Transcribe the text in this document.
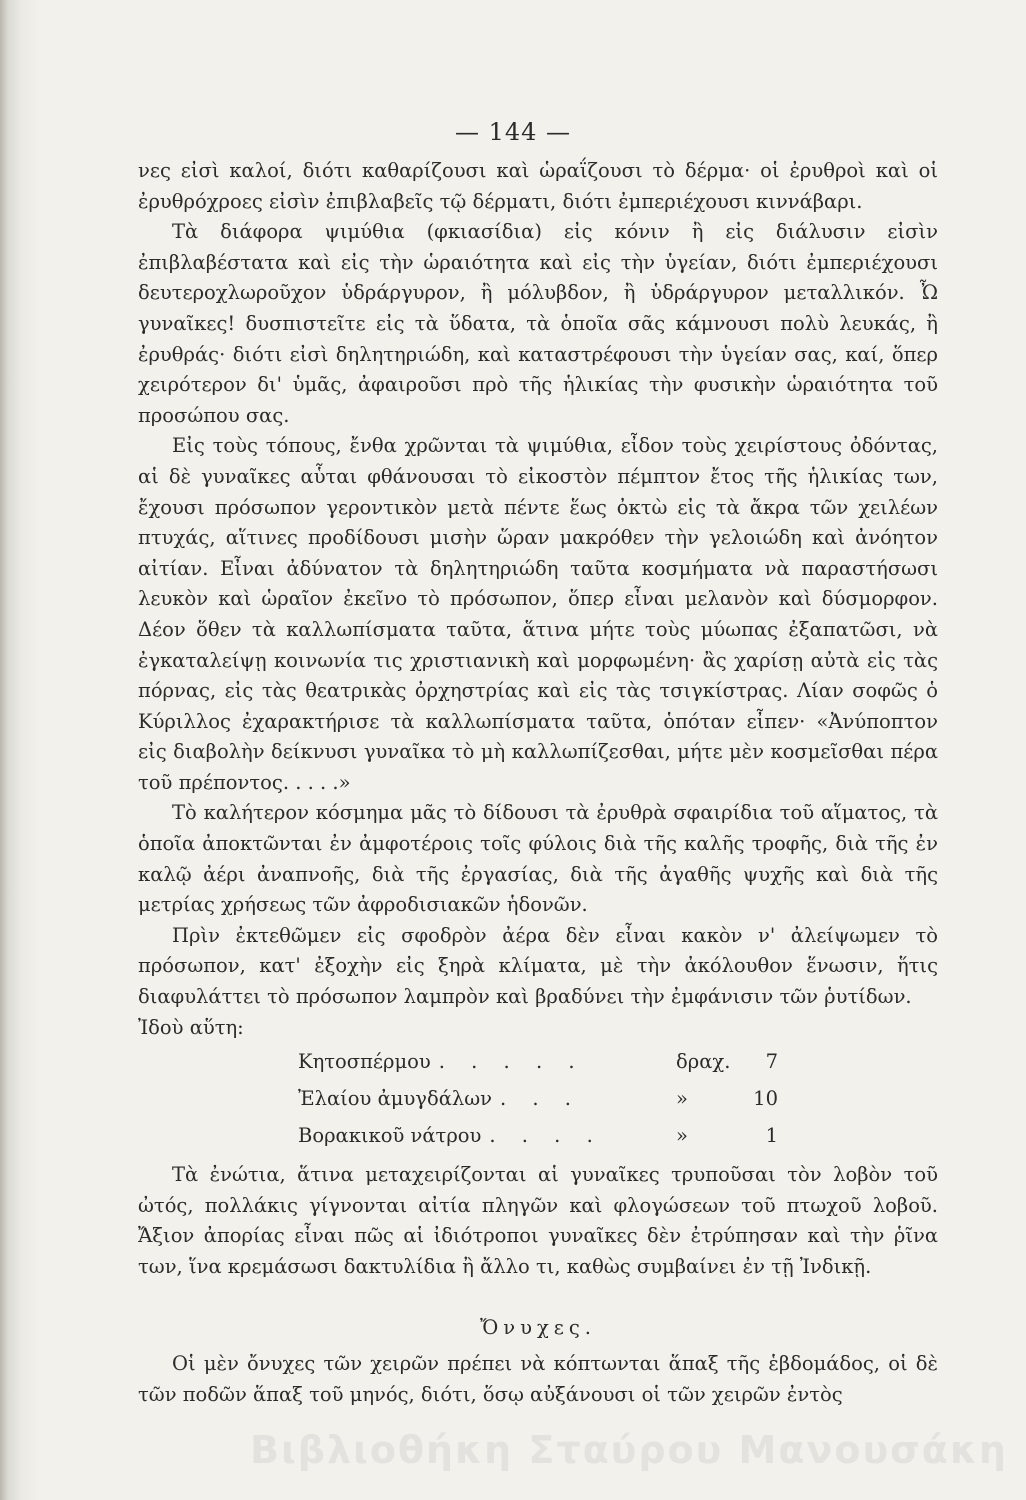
— 144 —

νες εἰσὶ καλοί, διότι καθαρίζουσι καὶ ὡραΐζουσι τὸ δέρμα· οἱ ἐρυθροὶ καὶ οἱ ἐρυθρόχροες εἰσὶν ἐπιβλαβεῖς τῷ δέρματι, διότι ἐμπεριέχουσι κιννάβαρι.

Τὰ διάφορα ψιμύθια (φκιασίδια) εἰς κόνιν ἢ εἰς διάλυσιν εἰσὶν ἐπιβλαβέστατα καὶ εἰς τὴν ὡραιότητα καὶ εἰς τὴν ὑγείαν, διότι ἐμπεριέχουσι δευτεροχλωροῦχον ὑδράργυρον, ἢ μόλυβδον, ἢ ὑδράργυρον μεταλλικόν. Ὦ γυναῖκες! δυσπιστεῖτε εἰς τὰ ὕδατα, τὰ ὁποῖα σᾶς κάμνουσι πολὺ λευκάς, ἢ ἐρυθράς· διότι εἰσὶ δηλητηριώδη, καὶ καταστρέφουσι τὴν ὑγείαν σας, καί, ὅπερ χειρότερον δι' ὑμᾶς, ἀφαιροῦσι πρὸ τῆς ἡλικίας τὴν φυσικὴν ὡραιότητα τοῦ προσώπου σας.

Εἰς τοὺς τόπους, ἔνθα χρῶνται τὰ ψιμύθια, εἶδον τοὺς χειρίστους ὀδόντας, αἱ δὲ γυναῖκες αὗται φθάνουσαι τὸ εἰκοστὸν πέμπτον ἔτος τῆς ἡλικίας των, ἔχουσι πρόσωπον γεροντικὸν μετὰ πέντε ἕως ὀκτὼ εἰς τὰ ἄκρα τῶν χειλέων πτυχάς, αἵτινες προδίδουσι μισὴν ὥραν μακρόθεν τὴν γελοιώδη καὶ ἀνόητον αἰτίαν. Εἶναι ἀδύνατον τὰ δηλητηριώδη ταῦτα κοσμήματα νὰ παραστήσωσι λευκὸν καὶ ὡραῖον ἐκεῖνο τὸ πρόσωπον, ὅπερ εἶναι μελανὸν καὶ δύσμορφον. Δέον ὅθεν τὰ καλλωπίσματα ταῦτα, ἅτινα μήτε τοὺς μύωπας ἐξαπατῶσι, νὰ ἐγκαταλείψῃ κοινωνία τις χριστιανικὴ καὶ μορφωμένη· ἂς χαρίσῃ αὐτὰ εἰς τὰς πόρνας, εἰς τὰς θεατρικὰς ὀρχηστρίας καὶ εἰς τὰς τσιγκίστρας. Λίαν σοφῶς ὁ Κύριλλος ἐχαρακτήρισε τὰ καλλωπίσματα ταῦτα, ὁπόταν εἶπεν· «Ἀνύποπτον εἰς διαβολὴν δείκνυσι γυναῖκα τὸ μὴ καλλωπίζεσθαι, μήτε μὲν κοσμεῖσθαι πέρα τοῦ πρέποντος. . . . .»

Τὸ καλήτερον κόσμημα μᾶς τὸ δίδουσι τὰ ἐρυθρὰ σφαιρίδια τοῦ αἵματος, τὰ ὁποῖα ἀποκτῶνται ἐν ἀμφοτέροις τοῖς φύλοις διὰ τῆς καλῆς τροφῆς, διὰ τῆς ἐν καλῷ ἀέρι ἀναπνοῆς, διὰ τῆς ἐργασίας, διὰ τῆς ἀγαθῆς ψυχῆς καὶ διὰ τῆς μετρίας χρήσεως τῶν ἀφροδισιακῶν ἡδονῶν.

Πρὶν ἐκτεθῶμεν εἰς σφοδρὸν ἀέρα δὲν εἶναι κακὸν ν' ἀλείψωμεν τὸ πρόσωπον, κατ' ἐξοχὴν εἰς ξηρὰ κλίματα, μὲ τὴν ἀκόλουθον ἕνωσιν, ἥτις διαφυλάττει τὸ πρόσωπον λαμπρὸν καὶ βραδύνει τὴν ἐμφάνισιν τῶν ῥυτίδων.

Ἰδοὺ αὕτη:

Κητοσπέρμου . . . . .	δραχ.	7
Ἐλαίου ἀμυγδάλων . . .	»	10
Βορακικοῦ νάτρου . . . .	»	1

Τὰ ἐνώτια, ἅτινα μεταχειρίζονται αἱ γυναῖκες τρυποῦσαι τὸν λοβὸν τοῦ ὠτός, πολλάκις γίγνονται αἰτία πληγῶν καὶ φλογώσεων τοῦ πτωχοῦ λοβοῦ. Ἄξιον ἀπορίας εἶναι πῶς αἱ ἰδιότροποι γυναῖκες δὲν ἐτρύπησαν καὶ τὴν ῥῖνα των, ἵνα κρεμάσωσι δακτυλίδια ἢ ἄλλο τι, καθὼς συμβαίνει ἐν τῇ Ἰνδικῇ.

Ὄνυχες.

Οἱ μὲν ὄνυχες τῶν χειρῶν πρέπει νὰ κόπτωνται ἅπαξ τῆς ἑβδομάδος, οἱ δὲ τῶν ποδῶν ἅπαξ τοῦ μηνός, διότι, ὅσῳ αὐξάνουσι οἱ τῶν χειρῶν ἐντὸς

Βιβλιοθήκη Σταύρου Μανουσάκη
